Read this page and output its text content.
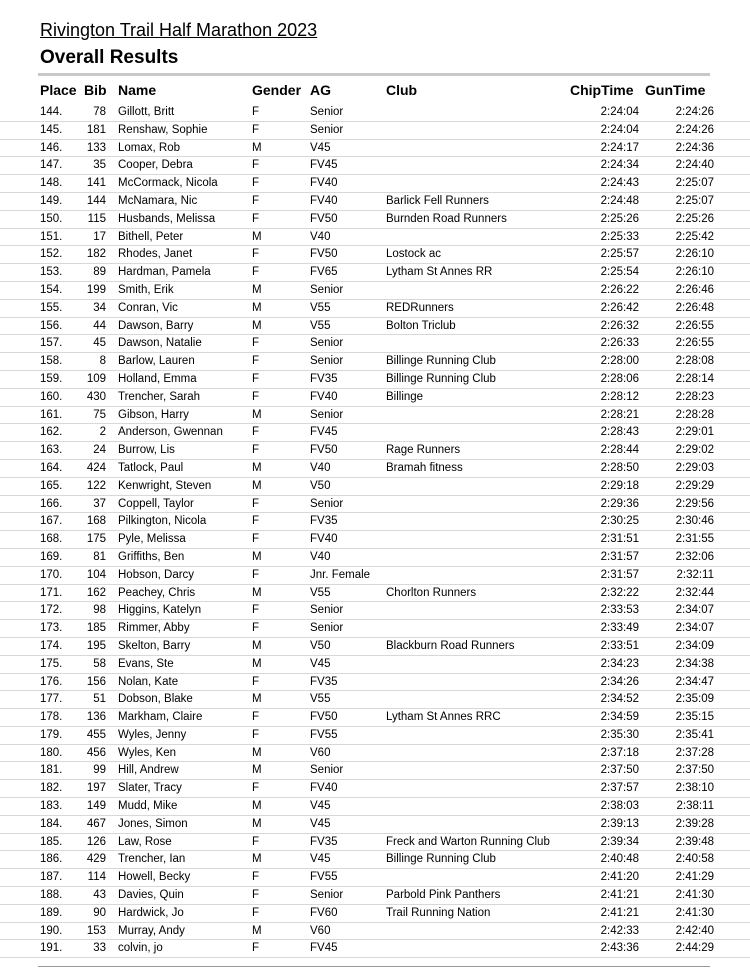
Rivington Trail Half Marathon 2023
Overall Results
Place Bib Name	Gender AG	Club	ChipTime GunTime
144.	78 Gillott, Britt	F	Senior	2:24:04	2:24:26
145. 181 Renshaw, Sophie	F	Senior	2:24:04	2:24:26
146. 133 Lomax, Rob	M	V45	2:24:17	2:24:36
147.	35 Cooper, Debra	F	FV45	2:24:34	2:24:40
148. 141 McCormack, Nicola	F	FV40	2:24:43	2:25:07
149. 144 McNamara, Nic	F	FV40	Barlick Fell Runners	2:24:48	2:25:07
150. 115 Husbands, Melissa	F	FV50	Burnden Road Runners	2:25:26	2:25:26
151.	17 Bithell, Peter	M	V40	2:25:33	2:25:42
152. 182 Rhodes, Janet	F	FV50	Lostock ac	2:25:57	2:26:10
153.	89 Hardman, Pamela	F	FV65	Lytham St Annes RR	2:25:54	2:26:10
154. 199 Smith, Erik	M	Senior	2:26:22	2:26:46
155.	34 Conran, Vic	M	V55	REDRunners	2:26:42	2:26:48
156.	44 Dawson, Barry	M	V55	Bolton Triclub	2:26:32	2:26:55
157.	45 Dawson, Natalie	F	Senior	2:26:33	2:26:55
158.	8 Barlow, Lauren	F	Senior	Billinge Running Club	2:28:00	2:28:08
159. 109 Holland, Emma	F	FV35	Billinge Running Club	2:28:06	2:28:14
160. 430 Trencher, Sarah	F	FV40	Billinge	2:28:12	2:28:23
161.	75 Gibson, Harry	M	Senior	2:28:21	2:28:28
162.	2 Anderson, Gwennan	F	FV45	2:28:43	2:29:01
163.	24 Burrow, Lis	F	FV50	Rage Runners	2:28:44	2:29:02
164. 424 Tatlock, Paul	M	V40	Bramah fitness	2:28:50	2:29:03
165. 122 Kenwright, Steven	M	V50	2:29:18	2:29:29
166.	37 Coppell, Taylor	F	Senior	2:29:36	2:29:56
167. 168 Pilkington, Nicola	F	FV35	2:30:25	2:30:46
168. 175 Pyle, Melissa	F	FV40	2:31:51	2:31:55
169.	81 Griffiths, Ben	M	V40	2:31:57	2:32:06
170. 104 Hobson, Darcy	F	Jnr. Female	2:31:57	2:32:11
171. 162 Peachey, Chris	M	V55	Chorlton Runners	2:32:22	2:32:44
172.	98 Higgins, Katelyn	F	Senior	2:33:53	2:34:07
173. 185 Rimmer, Abby	F	Senior	2:33:49	2:34:07
174. 195 Skelton, Barry	M	V50	Blackburn Road Runners	2:33:51	2:34:09
175.	58 Evans, Ste	M	V45	2:34:23	2:34:38
176. 156 Nolan, Kate	F	FV35	2:34:26	2:34:47
177.	51 Dobson, Blake	M	V55	2:34:52	2:35:09
178. 136 Markham, Claire	F	FV50	Lytham St Annes RRC	2:34:59	2:35:15
179. 455 Wyles, Jenny	F	FV55	2:35:30	2:35:41
180. 456 Wyles, Ken	M	V60	2:37:18	2:37:28
181.	99 Hill, Andrew	M	Senior	2:37:50	2:37:50
182. 197 Slater, Tracy	F	FV40	2:37:57	2:38:10
183. 149 Mudd, Mike	M	V45	2:38:03	2:38:11
184. 467 Jones, Simon	M	V45	2:39:13	2:39:28
185. 126 Law, Rose	F	FV35	Freck and Warton Running Club	2:39:34	2:39:48
186. 429 Trencher, Ian	M	V45	Billinge Running Club	2:40:48	2:40:58
187. 114 Howell, Becky	F	FV55	2:41:20	2:41:29
188.	43 Davies, Quin	F	Senior	Parbold Pink Panthers	2:41:21	2:41:30
189.	90 Hardwick, Jo	F	FV60	Trail Running Nation	2:41:21	2:41:30
190. 153 Murray, Andy	M	V60	2:42:33	2:42:40
191.	33 colvin, jo	F	FV45	2:43:36	2:44:29
